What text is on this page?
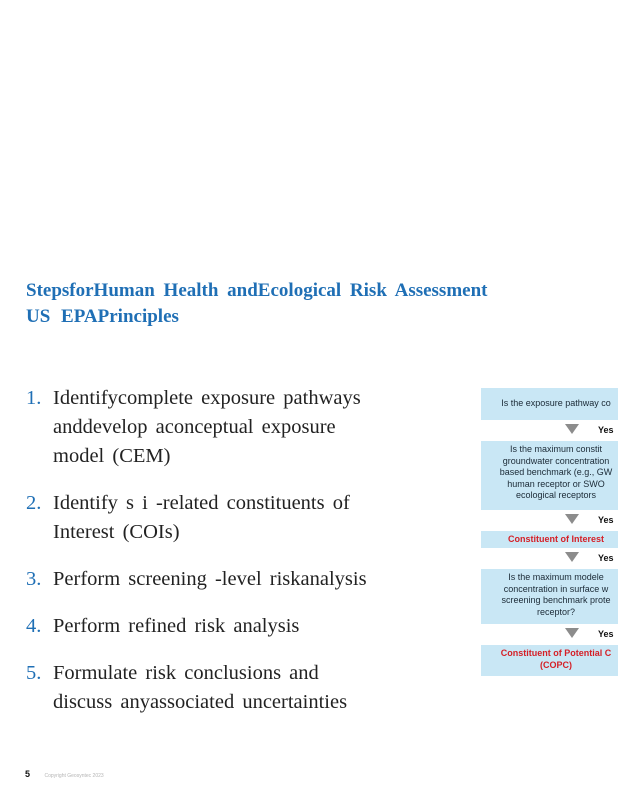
StepsforHuman Health andEcological Risk Assessment
US EPAPrinciples
1. Identifycomplete exposure pathways
anddevelop aconceptual exposure
model (CEM)
2. Identify s i -related constituents of
Interest (COIs)
3. Perform screening -level riskanalysis
4. Perform refined risk analysis
5. Formulate risk conclusions and
discuss anyassociated uncertainties
Is the exposure pathway co
Yes
Is the maximum constit
groundwater concentration
based benchmark (e.g., GW
human receptor or SWO
ecological receptors
Yes
Constituent of Interest
Yes
Is the maximum modele
concentration in surface w
screening benchmark prote
receptor?
Yes
Constituent of Potential C
(COPC)
5	Copyright Geosyntec 2023
